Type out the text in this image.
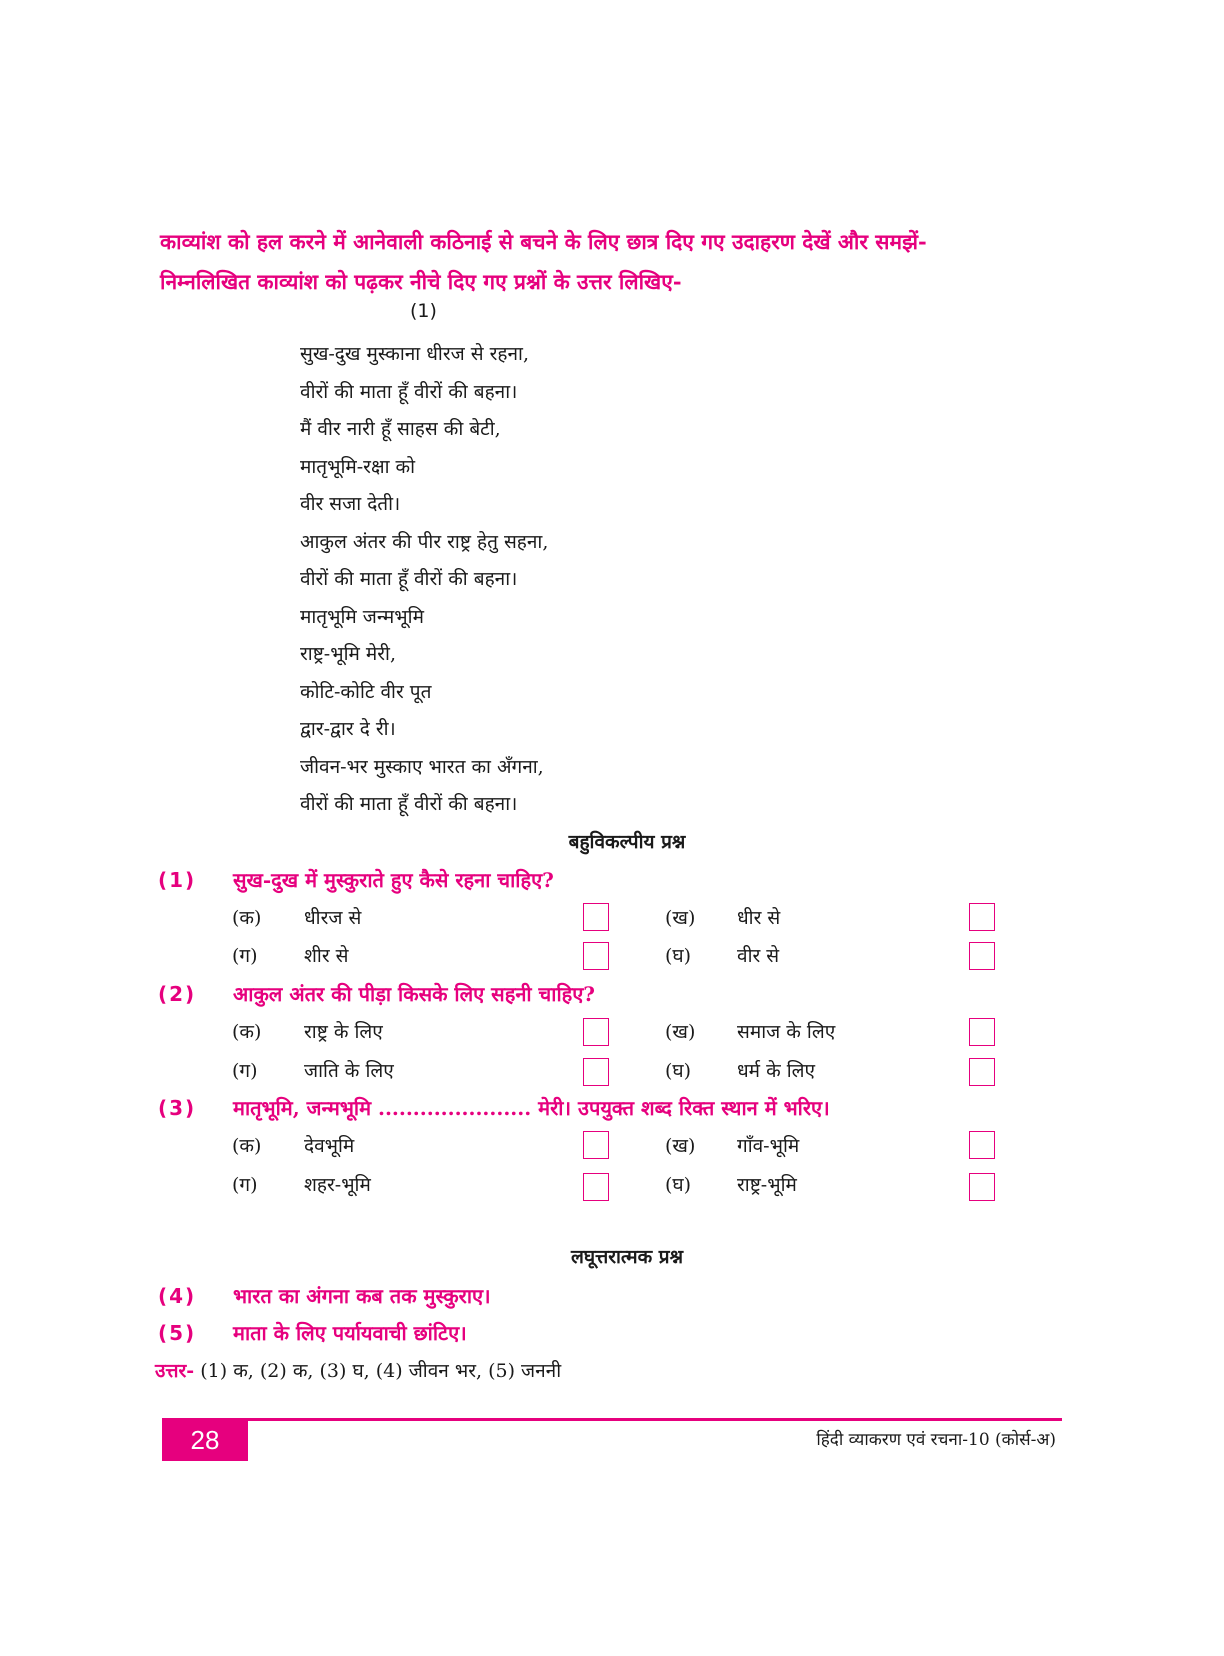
काव्यांश को हल करने में आनेवाली कठिनाई से बचने के लिए छात्र दिए गए उदाहरण देखें और समझें-
निम्नलिखित काव्यांश को पढ़कर नीचे दिए गए प्रश्नों के उत्तर लिखिए-
(1)
सुख-दुख मुस्काना धीरज से रहना,
वीरों की माता हूँ वीरों की बहना।
मैं वीर नारी हूँ साहस की बेटी,
मातृभूमि-रक्षा को
वीर सजा देती।
आकुल अंतर की पीर राष्ट्र हेतु सहना,
वीरों की माता हूँ वीरों की बहना।
मातृभूमि जन्मभूमि
राष्ट्र-भूमि मेरी,
कोटि-कोटि वीर पूत
द्वार-द्वार दे री।
जीवन-भर मुस्काए भारत का अँगना,
वीरों की माता हूँ वीरों की बहना।
बहुविकल्पीय प्रश्न
(1) सुख-दुख में मुस्कुराते हुए कैसे रहना चाहिए?
(क) धीरज से	(ख) धीर से
(ग) शीर से	(घ) वीर से
(2) आकुल अंतर की पीड़ा किसके लिए सहनी चाहिए?
(क) राष्ट्र के लिए	(ख) समाज के लिए
(ग) जाति के लिए	(घ) धर्म के लिए
(3) मातृभूमि, जन्मभूमि ...................... मेरी। उपयुक्त शब्द रिक्त स्थान में भरिए।
(क) देवभूमि	(ख) गाँव-भूमि
(ग) शहर-भूमि	(घ) राष्ट्र-भूमि
लघूत्तरात्मक प्रश्न
(4) भारत का अंगना कब तक मुस्कुराए।
(5) माता के लिए पर्यायवाची छांटिए।
उत्तर- (1) क, (2) क, (3) घ, (4) जीवन भर, (5) जननी
28	हिंदी व्याकरण एवं रचना-10 (कोर्स-अ)
